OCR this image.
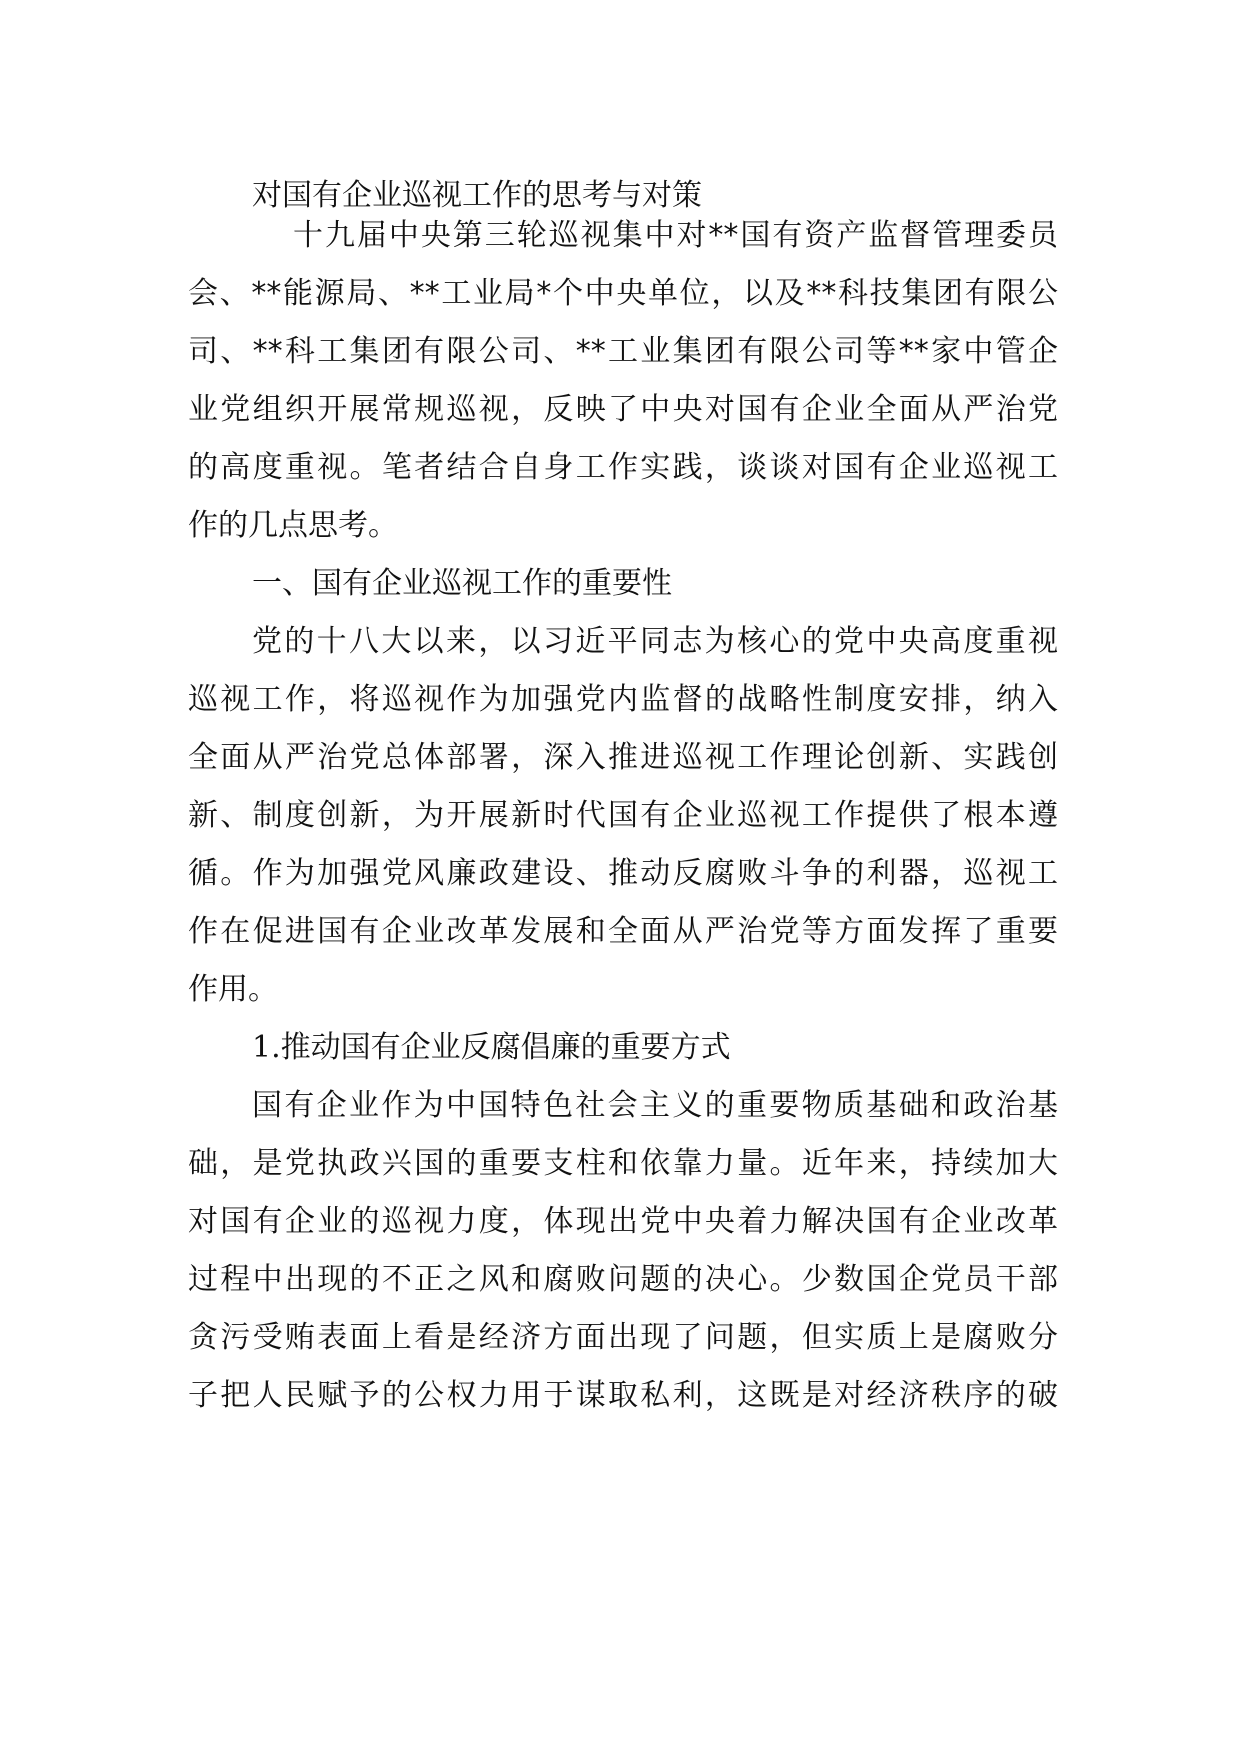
对国有企业巡视工作的思考与对策
十九届中央第三轮巡视集中对**国有资产监督管理委员
会、**能源局、**工业局*个中央单位，以及**科技集团有限公
司、**科工集团有限公司、**工业集团有限公司等**家中管企
业党组织开展常规巡视，反映了中央对国有企业全面从严治党
的高度重视。笔者结合自身工作实践，谈谈对国有企业巡视工
作的几点思考。
一、国有企业巡视工作的重要性
党的十八大以来，以习近平同志为核心的党中央高度重视
巡视工作，将巡视作为加强党内监督的战略性制度安排，纳入
全面从严治党总体部署，深入推进巡视工作理论创新、实践创
新、制度创新，为开展新时代国有企业巡视工作提供了根本遵
循。作为加强党风廉政建设、推动反腐败斗争的利器，巡视工
作在促进国有企业改革发展和全面从严治党等方面发挥了重要
作用。
1.推动国有企业反腐倡廉的重要方式
国有企业作为中国特色社会主义的重要物质基础和政治基
础，是党执政兴国的重要支柱和依靠力量。近年来，持续加大
对国有企业的巡视力度，体现出党中央着力解决国有企业改革
过程中出现的不正之风和腐败问题的决心。少数国企党员干部
贪污受贿表面上看是经济方面出现了问题，但实质上是腐败分
子把人民赋予的公权力用于谋取私利，这既是对经济秩序的破
